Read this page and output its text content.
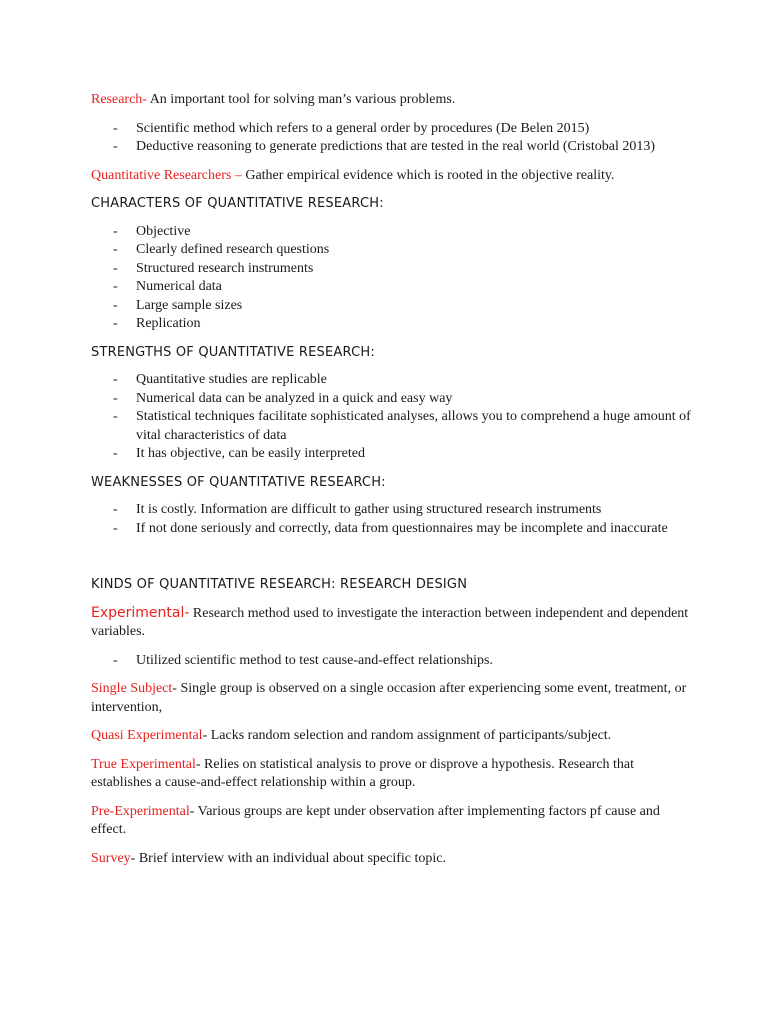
Research- An important tool for solving man’s various problems.

- Scientific method which refers to a general order by procedures (De Belen 2015)
- Deductive reasoning to generate predictions that are tested in the real world (Cristobal 2013)

Quantitative Researchers – Gather empirical evidence which is rooted in the objective reality.

CHARACTERS OF QUANTITATIVE RESEARCH:
- Objective
- Clearly defined research questions
- Structured research instruments
- Numerical data
- Large sample sizes
- Replication
STRENGTHS OF QUANTITATIVE RESEARCH:
- Quantitative studies are replicable
- Numerical data can be analyzed in a quick and easy way
- Statistical techniques facilitate sophisticated analyses, allows you to comprehend a huge amount of vital characteristics of data
- It has objective, can be easily interpreted
WEAKNESSES OF QUANTITATIVE RESEARCH:
- It is costly. Information are difficult to gather using structured research instruments
- If not done seriously and correctly, data from questionnaires may be incomplete and inaccurate
KINDS OF QUANTITATIVE RESEARCH: RESEARCH DESIGN

Experimental- Research method used to investigate the interaction between independent and dependent variables.

- Utilized scientific method to test cause-and-effect relationships.

Single Subject- Single group is observed on a single occasion after experiencing some event, treatment, or intervention,

Quasi Experimental- Lacks random selection and random assignment of participants/subject.

True Experimental- Relies on statistical analysis to prove or disprove a hypothesis. Research that establishes a cause-and-effect relationship within a group.

Pre-Experimental- Various groups are kept under observation after implementing factors pf cause and effect.

Survey- Brief interview with an individual about specific topic.
